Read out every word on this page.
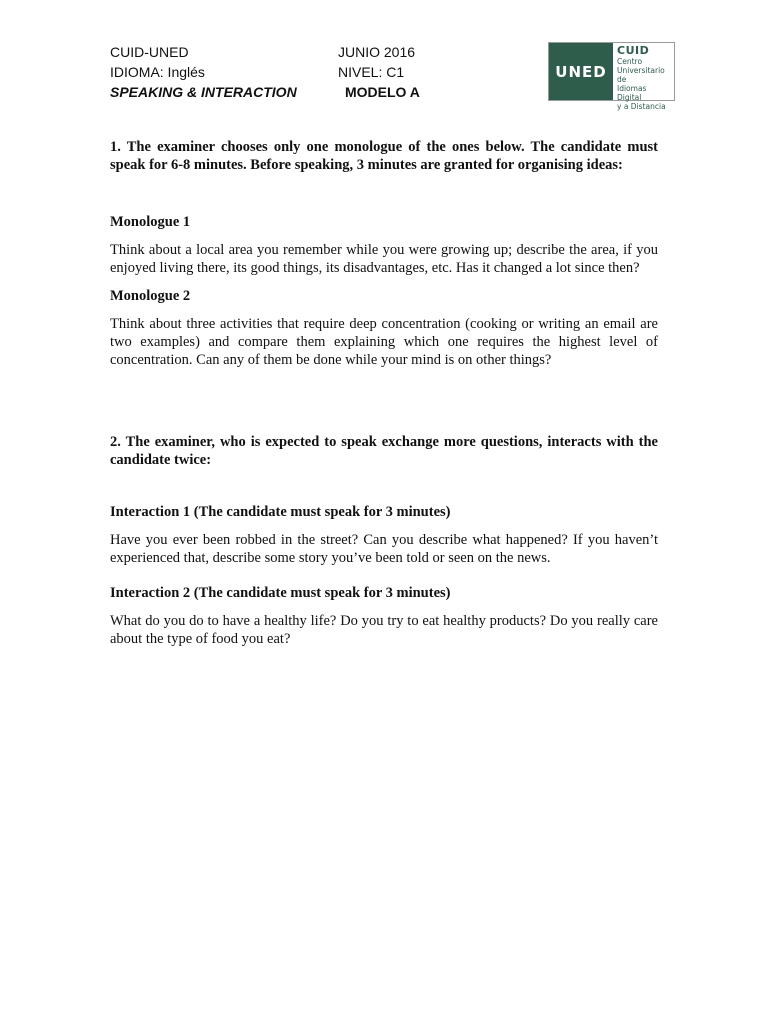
CUID-UNED
IDIOMA: Inglés
SPEAKING & INTERACTION
JUNIO 2016
NIVEL: C1
MODELO A
UNED
CUID
Centro
Universitario de
Idiomas Digital
y a Distancia

1. The examiner chooses only one monologue of the ones below. The candidate must speak for 6-8 minutes. Before speaking, 3 minutes are granted for organising ideas:

Monologue 1

Think about a local area you remember while you were growing up; describe the area, if you enjoyed living there, its good things, its disadvantages, etc. Has it changed a lot since then?

Monologue 2

Think about three activities that require deep concentration (cooking or writing an email are two examples) and compare them explaining which one requires the highest level of concentration. Can any of them be done while your mind is on other things?

2. The examiner, who is expected to speak exchange more questions, interacts with the candidate twice:

Interaction 1 (The candidate must speak for 3 minutes)

Have you ever been robbed in the street? Can you describe what happened? If you haven’t experienced that, describe some story you’ve been told or seen on the news.

Interaction 2 (The candidate must speak for 3 minutes)

What do you do to have a healthy life? Do you try to eat healthy products? Do you really care about the type of food you eat?
